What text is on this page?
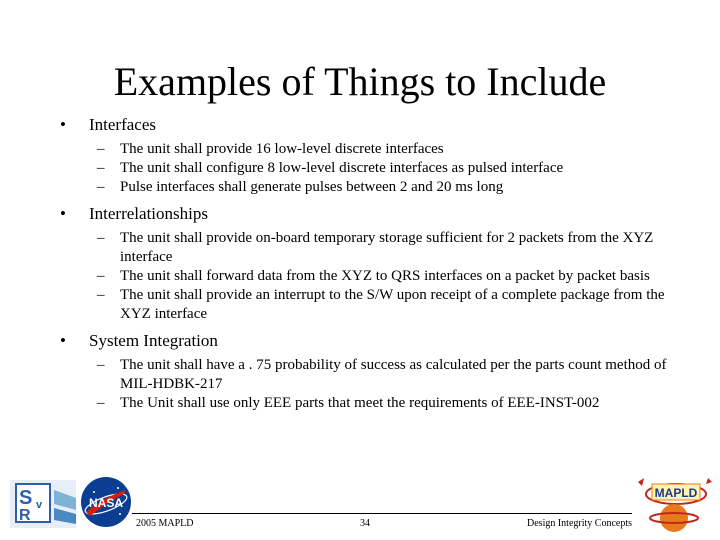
Examples of Things to Include
• Interfaces
– The unit shall provide 16 low-level discrete interfaces
– The unit shall configure 8 low-level discrete interfaces as pulsed interface
– Pulse interfaces shall generate pulses between 2 and 20 ms long
• Interrelationships
– The unit shall provide on-board temporary storage sufficient for 2 packets from the XYZ interface
– The unit shall forward data from the XYZ to QRS interfaces on a packet by packet basis
– The unit shall provide an interrupt to the S/W upon receipt of a complete package from the XYZ interface
• System Integration
– The unit shall have a . 75 probability of success as calculated per the parts count method of MIL-HDBK-217
– The Unit shall use only EEE parts that meet the requirements of EEE-INST-002
2005 MAPLD	34	Design Integrity Concepts
S
R
v	NASA
MAPLD
